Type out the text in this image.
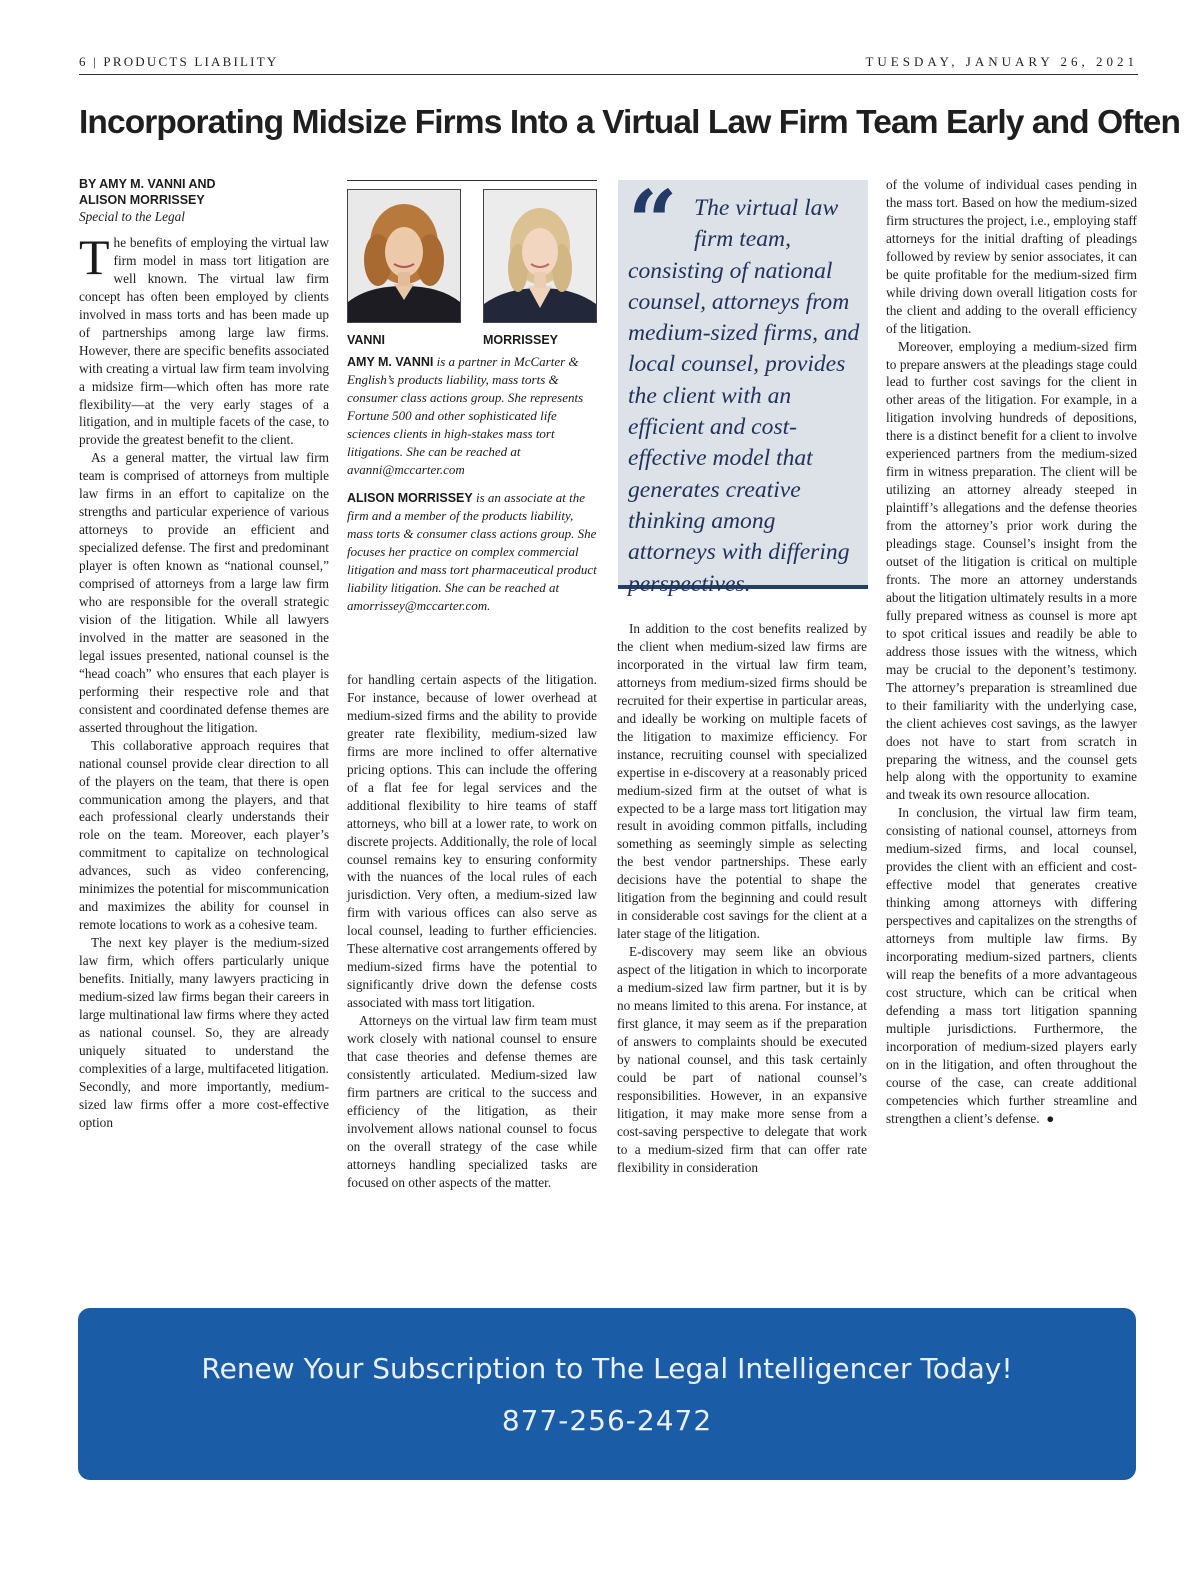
6 | PRODUCTS LIABILITY	TUESDAY, JANUARY 26, 2021
Incorporating Midsize Firms Into a Virtual Law Firm Team Early and Often

BY AMY M. VANNI AND

ALISON MORRISSEY

Special to the Legal

The benefits of employing the virtual law firm model in mass tort litigation are well known. The virtual law firm concept has often been employed by clients involved in mass torts and has been made up of partnerships among large law firms. However, there are specific benefits associated with creating a virtual law firm team involving a midsize firm—which often has more rate flexibility—at the very early stages of a litigation, and in multiple facets of the case, to provide the greatest benefit to the client.

As a general matter, the virtual law firm team is comprised of attorneys from multiple law firms in an effort to capitalize on the strengths and particular experience of various attorneys to provide an efficient and specialized defense. The first and predominant player is often known as “national counsel,” comprised of attorneys from a large law firm who are responsible for the overall strategic vision of the litigation. While all lawyers involved in the matter are seasoned in the legal issues presented, national counsel is the “head coach” who ensures that each player is performing their respective role and that consistent and coordinated defense themes are asserted throughout the litigation.

This collaborative approach requires that national counsel provide clear direction to all of the players on the team, that there is open communication among the players, and that each professional clearly understands their role on the team. Moreover, each player’s commitment to capitalize on technological advances, such as video conferencing, minimizes the potential for miscommunication and maximizes the ability for counsel in remote locations to work as a cohesive team.

The next key player is the medium-sized law firm, which offers particularly unique benefits. Initially, many lawyers practicing in medium-sized law firms began their careers in large multinational law firms where they acted as national counsel. So, they are already uniquely situated to understand the complexities of a large, multifaceted litigation. Secondly, and more importantly, medium-sized law firms offer a more cost-effective option

VANNI	MORRISSEY
AMY M. VANNI is a partner in McCarter & English’s products liability, mass torts & consumer class actions group. She represents Fortune 500 and other sophisticated life sciences clients in high-stakes mass tort litigations. She can be reached at avanni@mccarter.com
ALISON MORRISSEY is an associate at the firm and a member of the products liability, mass torts & consumer class actions group. She focuses her practice on complex commercial litigation and mass tort pharmaceutical product liability litigation. She can be reached at amorrissey@mccarter.com.

for handling certain aspects of the litigation. For instance, because of lower overhead at medium-sized firms and the ability to provide greater rate flexibility, medium-sized law firms are more inclined to offer alternative pricing options. This can include the offering of a flat fee for legal services and the additional flexibility to hire teams of staff attorneys, who bill at a lower rate, to work on discrete projects. Additionally, the role of local counsel remains key to ensuring conformity with the nuances of the local rules of each jurisdiction. Very often, a medium-sized law firm with various offices can also serve as local counsel, leading to further efficiencies. These alternative cost arrangements offered by medium-sized firms have the potential to significantly drive down the defense costs associated with mass tort litigation.

Attorneys on the virtual law firm team must work closely with national counsel to ensure that case theories and defense themes are consistently articulated. Medium-sized law firm partners are critical to the success and efficiency of the litigation, as their involvement allows national counsel to focus on the overall strategy of the case while attorneys handling specialized tasks are focused on other aspects of the matter.

“ The virtual law firm team, consisting of national counsel, attorneys from medium-sized firms, and local counsel, provides the client with an efficient and cost-effective model that generates creative thinking among attorneys with differing perspectives.

In addition to the cost benefits realized by the client when medium-sized law firms are incorporated in the virtual law firm team, attorneys from medium-sized firms should be recruited for their expertise in particular areas, and ideally be working on multiple facets of the litigation to maximize efficiency. For instance, recruiting counsel with specialized expertise in e-discovery at a reasonably priced medium-sized firm at the outset of what is expected to be a large mass tort litigation may result in avoiding common pitfalls, including something as seemingly simple as selecting the best vendor partnerships. These early decisions have the potential to shape the litigation from the beginning and could result in considerable cost savings for the client at a later stage of the litigation.

E-discovery may seem like an obvious aspect of the litigation in which to incorporate a medium-sized law firm partner, but it is by no means limited to this arena. For instance, at first glance, it may seem as if the preparation of answers to complaints should be executed by national counsel, and this task certainly could be part of national counsel’s responsibilities. However, in an expansive litigation, it may make more sense from a cost-saving perspective to delegate that work to a medium-sized firm that can offer rate flexibility in consideration

of the volume of individual cases pending in the mass tort. Based on how the medium-sized firm structures the project, i.e., employing staff attorneys for the initial drafting of pleadings followed by review by senior associates, it can be quite profitable for the medium-sized firm while driving down overall litigation costs for the client and adding to the overall efficiency of the litigation.

Moreover, employing a medium-sized firm to prepare answers at the pleadings stage could lead to further cost savings for the client in other areas of the litigation. For example, in a litigation involving hundreds of depositions, there is a distinct benefit for a client to involve experienced partners from the medium-sized firm in witness preparation. The client will be utilizing an attorney already steeped in plaintiff’s allegations and the defense theories from the attorney’s prior work during the pleadings stage. Counsel’s insight from the outset of the litigation is critical on multiple fronts. The more an attorney understands about the litigation ultimately results in a more fully prepared witness as counsel is more apt to spot critical issues and readily be able to address those issues with the witness, which may be crucial to the deponent’s testimony. The attorney’s preparation is streamlined due to their familiarity with the underlying case, the client achieves cost savings, as the lawyer does not have to start from scratch in preparing the witness, and the counsel gets help along with the opportunity to examine and tweak its own resource allocation.

In conclusion, the virtual law firm team, consisting of national counsel, attorneys from medium-sized firms, and local counsel, provides the client with an efficient and cost-effective model that generates creative thinking among attorneys with differing perspectives and capitalizes on the strengths of attorneys from multiple law firms. By incorporating medium-sized partners, clients will reap the benefits of a more advantageous cost structure, which can be critical when defending a mass tort litigation spanning multiple jurisdictions. Furthermore, the incorporation of medium-sized players early on in the litigation, and often throughout the course of the case, can create additional competencies which further streamline and strengthen a client’s defense. ●

Renew Your Subscription to The Legal Intelligencer Today!
877-256-2472
